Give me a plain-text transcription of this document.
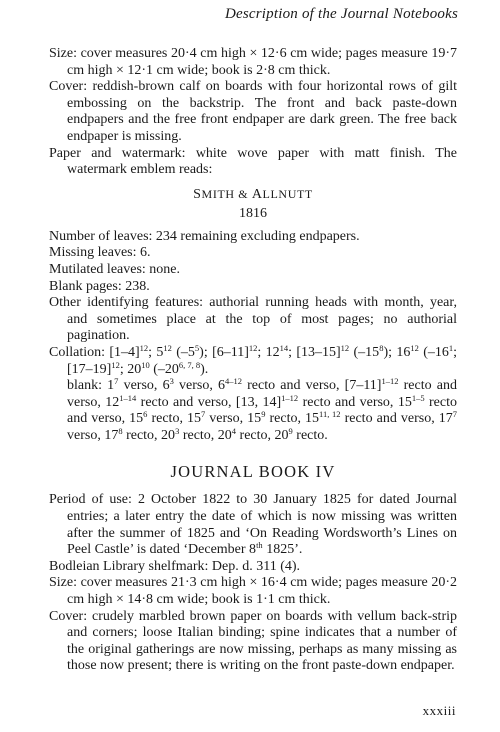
Description of the Journal Notebooks

Size: cover measures 20·4 cm high × 12·6 cm wide; pages measure 19·7 cm high × 12·1 cm wide; book is 2·8 cm thick.

Cover: reddish-brown calf on boards with four horizontal rows of gilt embossing on the backstrip. The front and back paste-down endpapers and the free front endpaper are dark green. The free back endpaper is missing.

Paper and watermark: white wove paper with matt finish. The watermark emblem reads:

SMITH & ALLNUTT
1816

Number of leaves: 234 remaining excluding endpapers.

Missing leaves: 6.

Mutilated leaves: none.

Blank pages: 238.

Other identifying features: authorial running heads with month, year, and sometimes place at the top of most pages; no authorial pagination.

Collation: $[1-4]^{12}$; $5^{12}$ $(-5^5)$; $[6-11]^{12}$; $12^{14}$; $[13-15]^{12}$ $(-15^8)$; $16^{12}$ ($-16^1$; $[17-19]^{12}$; $20^{10}$ (–20$^{6, 7, 8}$).

blank: $1^7$ verso, $6^3$ verso, 6$^{4-12}$ recto and verso, $[7-11]^{1-12}$ recto and verso, 12$^{1-14}$ recto and verso, [13, 14]$^{1-12}$ recto and verso, 15$^{1-5}$ recto and verso, $15^6$ recto, $15^7$ verso, $15^9$ recto, 15$^{11, 12}$ recto and verso, $17^7$ verso, $17^8$ recto, $20^3$ recto, $20^4$ recto, $20^9$ recto.

JOURNAL BOOK IV

Period of use: 2 October 1822 to 30 January 1825 for dated Journal entries; a later entry the date of which is now missing was written after the summer of 1825 and ‘On Reading Wordsworth’s Lines on Peel Castle’ is dated ‘December 8th 1825’.

Bodleian Library shelfmark: Dep. d. 311 (4).

Size: cover measures 21·3 cm high × 16·4 cm wide; pages measure 20·2 cm high × 14·8 cm wide; book is 1·1 cm thick.

Cover: crudely marbled brown paper on boards with vellum back-strip and corners; loose Italian binding; spine indicates that a number of the original gatherings are now missing, perhaps as many missing as those now present; there is writing on the front paste-down endpaper.

xxxiii
